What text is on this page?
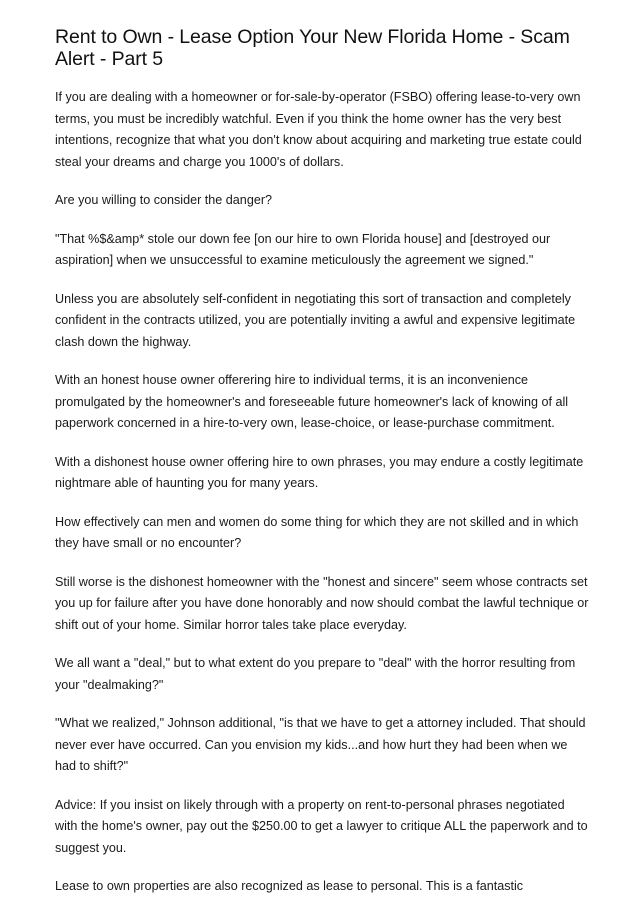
Rent to Own - Lease Option Your New Florida Home - Scam Alert - Part 5

If you are dealing with a homeowner or for-sale-by-operator (FSBO) offering lease-to-very own terms, you must be incredibly watchful. Even if you think the home owner has the very best intentions, recognize that what you don't know about acquiring and marketing true estate could steal your dreams and charge you 1000's of dollars.

Are you willing to consider the danger?

"That %$&amp* stole our down fee [on our hire to own Florida house] and [destroyed our aspiration] when we unsuccessful to examine meticulously the agreement we signed."

Unless you are absolutely self-confident in negotiating this sort of transaction and completely confident in the contracts utilized, you are potentially inviting a awful and expensive legitimate clash down the highway.

With an honest house owner offerering hire to individual terms, it is an inconvenience promulgated by the homeowner's and foreseeable future homeowner's lack of knowing of all paperwork concerned in a hire-to-very own, lease-choice, or lease-purchase commitment.

With a dishonest house owner offering hire to own phrases, you may endure a costly legitimate nightmare able of haunting you for many years.

How effectively can men and women do some thing for which they are not skilled and in which they have small or no encounter?

Still worse is the dishonest homeowner with the "honest and sincere" seem whose contracts set you up for failure after you have done honorably and now should combat the lawful technique or shift out of your home. Similar horror tales take place everyday.

We all want a "deal," but to what extent do you prepare to "deal" with the horror resulting from your "dealmaking?"

"What we realized," Johnson additional, "is that we have to get a attorney included. That should never ever have occurred. Can you envision my kids...and how hurt they had been when we had to shift?"

Advice: If you insist on likely through with a property on rent-to-personal phrases negotiated with the home's owner, pay out the $250.00 to get a lawyer to critique ALL the paperwork and to suggest you.

Lease to own properties are also recognized as lease to personal. This is a fantastic
